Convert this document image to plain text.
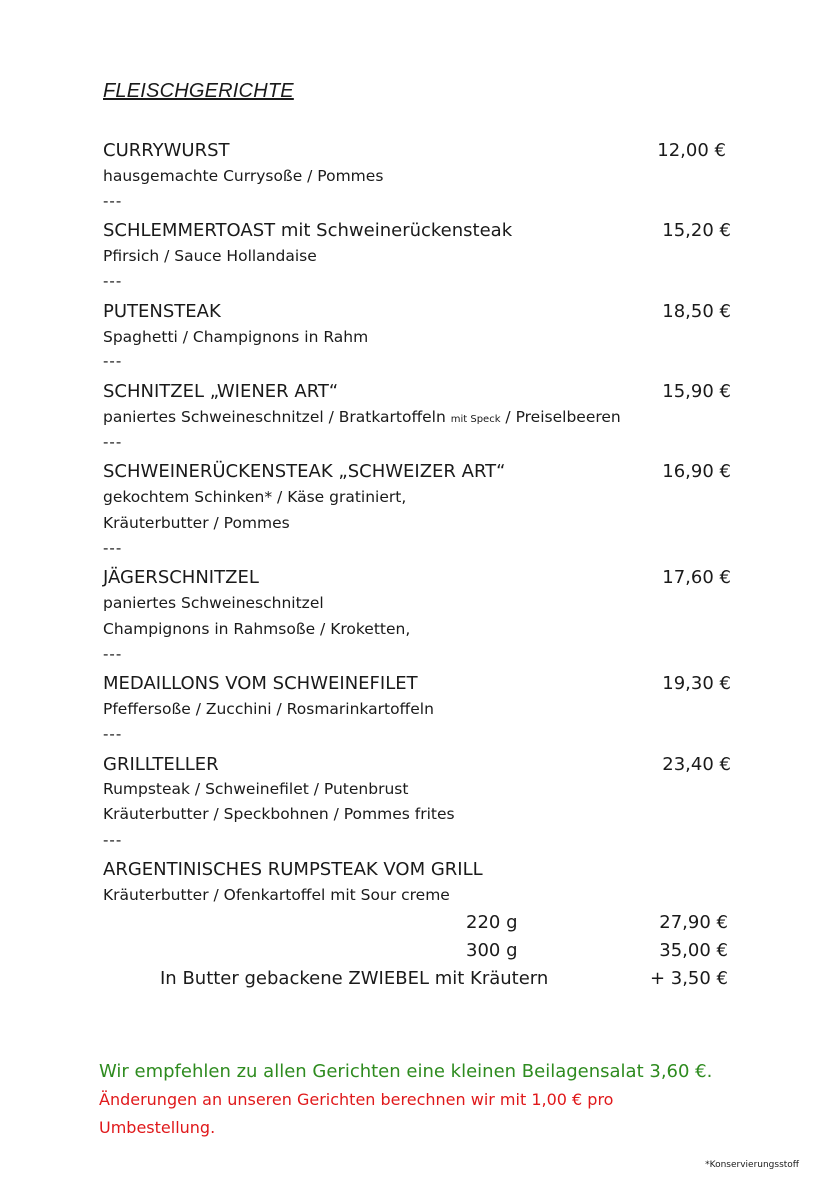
FLEISCHGERICHTE
CURRYWURST	12,00 €
hausgemachte Currysoße / Pommes
---
SCHLEMMERTOAST mit Schweinerückensteak	15,20 €
Pfirsich / Sauce Hollandaise
---
PUTENSTEAK	18,50 €
Spaghetti / Champignons in Rahm
---
SCHNITZEL „WIENER ART“	15,90 €
paniertes Schweineschnitzel / Bratkartoffeln mit Speck / Preiselbeeren
---
SCHWEINERÜCKENSTEAK „SCHWEIZER ART“	16,90 €
gekochtem Schinken* / Käse gratiniert,
Kräuterbutter / Pommes
---
JÄGERSCHNITZEL	17,60 €
paniertes Schweineschnitzel
Champignons in Rahmsoße / Kroketten,
---
MEDAILLONS VOM SCHWEINEFILET	19,30 €
Pfeffersoße / Zucchini / Rosmarinkartoffeln
---
GRILLTELLER	23,40 €
Rumpsteak / Schweinefilet / Putenbrust
Kräuterbutter / Speckbohnen / Pommes frites
---
ARGENTINISCHES RUMPSTEAK VOM GRILL
Kräuterbutter / Ofenkartoffel mit Sour creme
220 g	27,90 €
300 g	35,00 €
In Butter gebackene ZWIEBEL mit Kräutern	+ 3,50 €
Wir empfehlen zu allen Gerichten eine kleinen Beilagensalat 3,60 €.
Änderungen an unseren Gerichten berechnen wir mit 1,00 € pro
Umbestellung.
*Konservierungsstoff
